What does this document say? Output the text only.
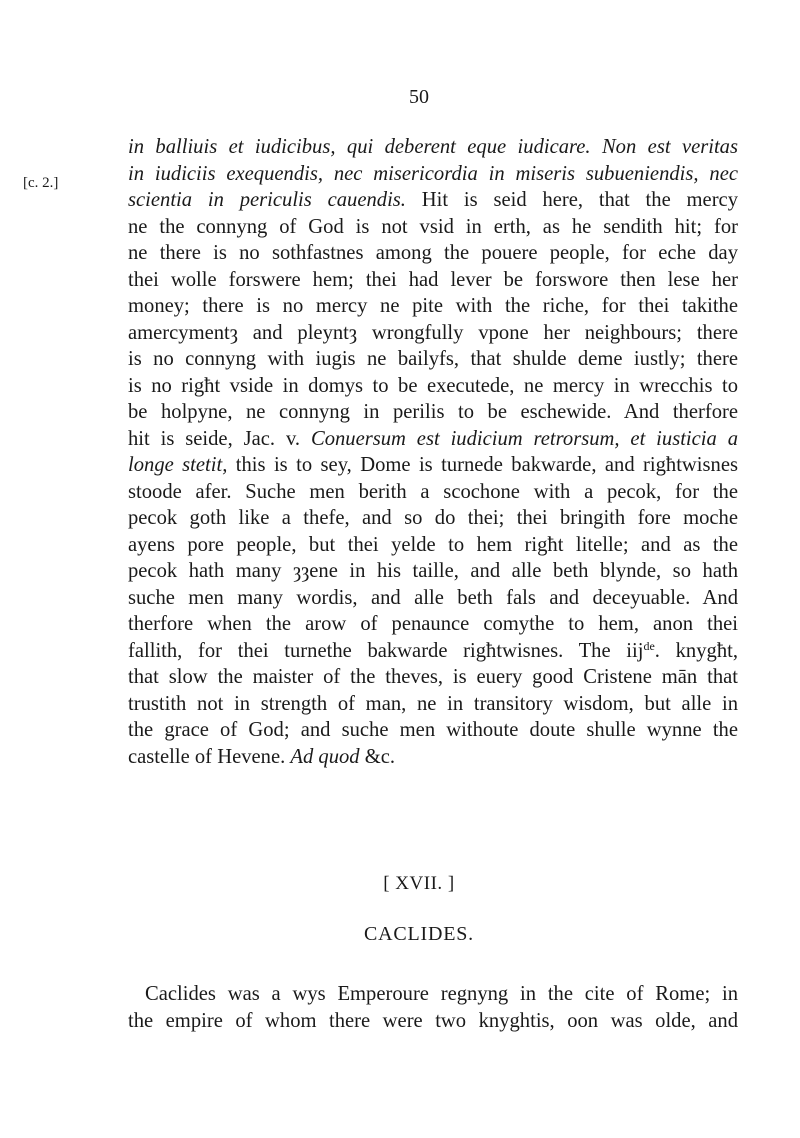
50
[c. 2.]
in balliuis et iudicibus, qui deberent eque iudicare. Non est veritas
in iudiciis exequendis, nec misericordia in miseris subueniendis, nec
scientia in periculis cauendis. Hit is seid here, that the mercy
ne the connyng of God is not vsid in erth, as he sendith hit; for
ne there is no sothfastnes among the pouere people, for eche day
thei wolle forswere hem; thei had lever be forswore then lese her
money; there is no mercy ne pite with the riche, for thei takithe
amercymentȝ and pleyntȝ wrongfully vpone her neighbours; there
is no connyng with iugis ne bailyfs, that shulde deme iustly; there
is no rigħt vside in domys to be executede, ne mercy in wrecchis to
be holpyne, ne connyng in perilis to be eschewide. And therfore
hit is seide, Jac. v. Conuersum est iudicium retrorsum, et iusticia a
longe stetit, this is to sey, Dome is turnede bakwarde, and rigħtwisnes
stoode afer. Suche men berith a scochone with a pecok, for the
pecok goth like a thefe, and so do thei; thei bringith fore moche
ayens pore people, but thei yelde to hem rigħt litelle; and as the
pecok hath many ȝȝene in his taille, and alle beth blynde, so hath
suche men many wordis, and alle beth fals and deceyuable. And
therfore when the arow of penaunce comythe to hem, anon thei
fallith, for thei turnethe bakwarde rigħtwisnes. The iij$^{de}$. knygħt,
that slow the maister of the theves, is euery good Cristene mān that
trustith not in strength of man, ne in transitory wisdom, but alle in
the grace of God; and suche men withoute doute shulle wynne the
castelle of Hevene. Ad quod &c.
[ XVII. ]
CACLIDES.
Caclides was a wys Emperoure regnyng in the cite of Rome; in
the empire of whom there were two knyghtis, oon was olde, and
